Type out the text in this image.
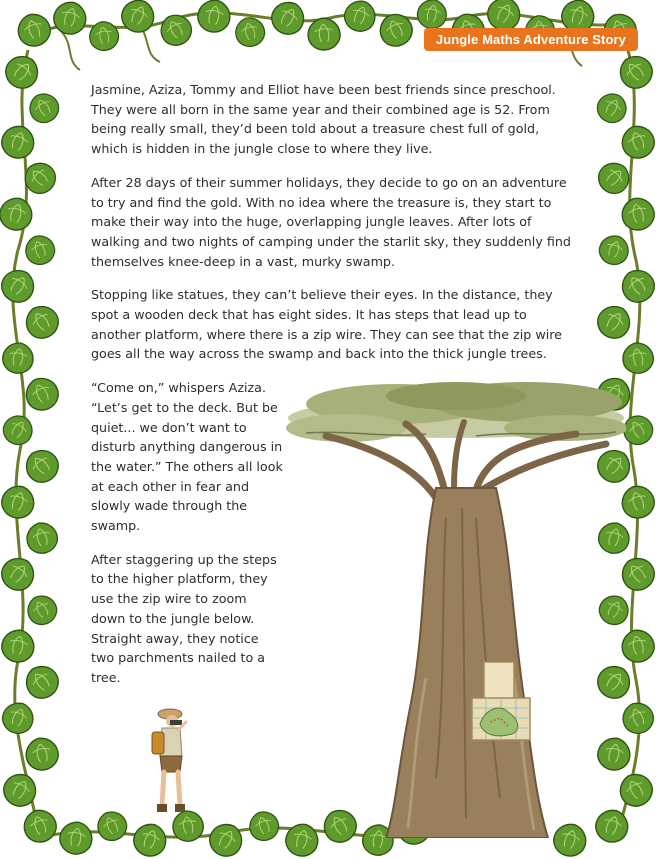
Jungle Maths Adventure Story

Jasmine, Aziza, Tommy and Elliot have been best friends since preschool. They were all born in the same year and their combined age is 52. From being really small, they’d been told about a treasure chest full of gold, which is hidden in the jungle close to where they live.

After 28 days of their summer holidays, they decide to go on an adventure to try and find the gold. With no idea where the treasure is, they start to make their way into the huge, overlapping jungle leaves. After lots of walking and two nights of camping under the starlit sky, they suddenly find themselves knee-deep in a vast, murky swamp.

Stopping like statues, they can’t believe their eyes. In the distance, they spot a wooden deck that has eight sides. It has steps that lead up to another platform, where there is a zip wire. They can see that the zip wire goes all the way across the swamp and back into the thick jungle trees.

“Come on,” whispers Aziza. “Let’s get to the deck. But be quiet... we don’t want to disturb anything dangerous in the water.” The others all look at each other in fear and slowly wade through the swamp.

After staggering up the steps to the higher platform, they use the zip wire to zoom down to the jungle below. Straight away, they notice two parchments nailed to a tree.
